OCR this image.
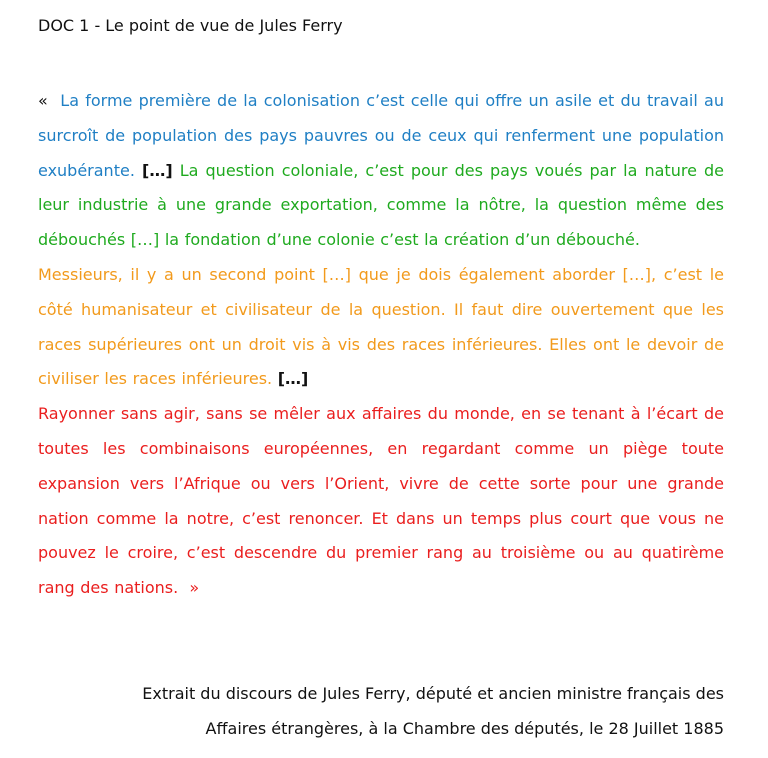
DOC 1 - Le point de vue de Jules Ferry
« La forme première de la colonisation c’est celle qui offre un asile et du travail au surcroît de population des pays pauvres ou de ceux qui renferment une population exubérante. […] La question coloniale, c’est pour des pays voués par la nature de leur industrie à une grande exportation, comme la nôtre, la question même des débouchés […] la fondation d’une colonie c’est la création d’un débouché.
Messieurs, il y a un second point […] que je dois également aborder […], c’est le côté humanisateur et civilisateur de la question. Il faut dire ouvertement que les races supérieures ont un droit vis à vis des races inférieures. Elles ont le devoir de civiliser les races inférieures. […]
Rayonner sans agir, sans se mêler aux affaires du monde, en se tenant à l’écart de toutes les combinaisons européennes, en regardant comme un piège toute expansion vers l’Afrique ou vers l’Orient, vivre de cette sorte pour une grande nation comme la notre, c’est renoncer. Et dans un temps plus court que vous ne pouvez le croire, c’est descendre du premier rang au troisième ou au quatirème rang des nations. »
Extrait du discours de Jules Ferry, député et ancien ministre français des
Affaires étrangères, à la Chambre des députés, le 28 Juillet 1885
